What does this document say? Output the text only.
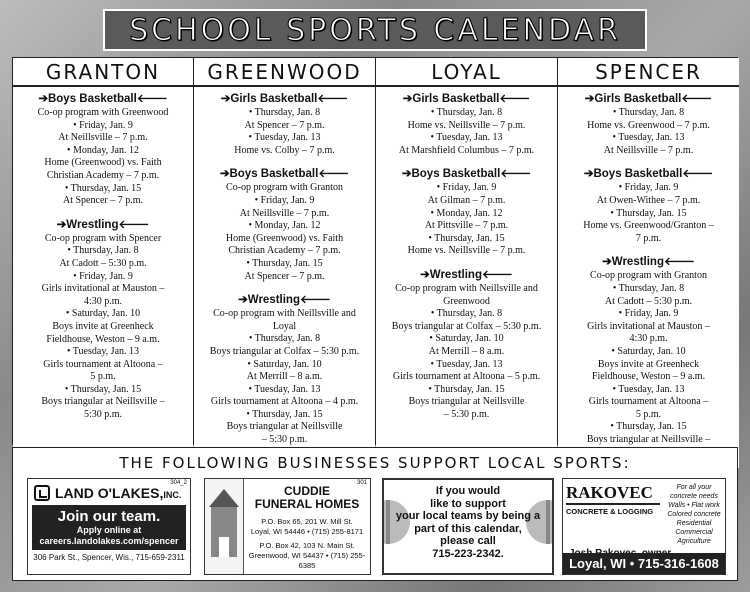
SCHOOL SPORTS CALENDAR
GRANTON
➔Boys Basketball🡐
Co-op program with Greenwood
• Friday, Jan. 9
At Neillsville – 7 p.m.
• Monday, Jan. 12
Home (Greenwood) vs. Faith
Christian Academy – 7 p.m.
• Thursday, Jan. 15
At Spencer – 7 p.m.
➔Wrestling🡐
Co-op program with Spencer
• Thursday, Jan. 8
At Cadott – 5:30 p.m.
• Friday, Jan. 9
Girls invitational at Mauston –
4:30 p.m.
• Saturday, Jan. 10
Boys invite at Greenheck
Fieldhouse, Weston – 9 a.m.
• Tuesday, Jan. 13
Girls tournament at Altoona –
5 p.m.
• Thursday, Jan. 15
Boys triangular at Neillsville –
5:30 p.m.
GREENWOOD
➔Girls Basketball🡐
• Thursday, Jan. 8
At Spencer – 7 p.m.
• Tuesday, Jan. 13
Home vs. Colby – 7 p.m.
➔Boys Basketball🡐
Co-op program with Granton
• Friday, Jan. 9
At Neillsville – 7 p.m.
• Monday, Jan. 12
Home (Greenwood) vs. Faith
Christian Academy – 7 p.m.
• Thursday, Jan. 15
At Spencer – 7 p.m.
➔Wrestling🡐
Co-op program with Neillsville and
Loyal
• Thursday, Jan. 8
Boys triangular at Colfax – 5:30 p.m.
• Saturday, Jan. 10
At Merrill – 8 a.m.
• Tuesday, Jan. 13
Girls tournament at Altoona – 4 p.m.
• Thursday, Jan. 15
Boys triangular at Neillsville
– 5:30 p.m.
LOYAL
➔Girls Basketball🡐
• Thursday, Jan. 8
Home vs. Neillsville – 7 p.m.
• Tuesday, Jan. 13
At Marshfield Columbus – 7 p.m.
➔Boys Basketball🡐
• Friday, Jan. 9
At Gilman – 7 p.m.
• Monday, Jan. 12
At Pittsville – 7 p.m.
• Thursday, Jan. 15
Home vs. Neillsville – 7 p.m.
➔Wrestling🡐
Co-op program with Neillsville and
Greenwood
• Thursday, Jan. 8
Boys triangular at Colfax – 5:30 p.m.
• Saturday, Jan. 10
At Merrill – 8 a.m.
• Tuesday, Jan. 13
Girls tournament at Altoona – 5 p.m.
• Thursday, Jan. 15
Boys triangular at Neillsville
– 5:30 p.m.
SPENCER
➔Girls Basketball🡐
• Thursday, Jan. 8
Home vs. Greenwood – 7 p.m.
• Tuesday, Jan. 13
At Neillsville – 7 p.m.
➔Boys Basketball🡐
• Friday, Jan. 9
At Owen-Withee – 7 p.m.
• Thursday, Jan. 15
Home vs. Greenwood/Granton –
7 p.m.
➔Wrestling🡐
Co-op program with Granton
• Thursday, Jan. 8
At Cadott – 5:30 p.m.
• Friday, Jan. 9
Girls invitational at Mauston –
4:30 p.m.
• Saturday, Jan. 10
Boys invite at Greenheck
Fieldhouse, Weston – 9 a.m.
• Tuesday, Jan. 13
Girls tournament at Altoona –
5 p.m.
• Thursday, Jan. 15
Boys triangular at Neillsville –
THE FOLLOWING BUSINESSES SUPPORT LOCAL SPORTS:
304_2
LAND O'LAKES,INC.
Join our team.
Apply online at
careers.landolakes.com/spencer
306 Park St., Spencer, Wis., 715-659-2311
301
CUDDIE
FUNERAL HOMES
P.O. Box 65, 201 W. Mill St.
Loyal, WI 54446 • (715) 255-8171
P.O. Box 42, 103 N. Main St.
Greenwood, WI 54437 • (715) 255-6385
If you would
like to support
your local teams by being a
part of this calendar,
please call
715-223-2342.
RAKOVEC
CONCRETE & LOGGING
For all your
concrete needs
Walls • Flat work
Colored concrete
Residential
Commercial
Agriculture
Loyal, WI • 715-316-1608
